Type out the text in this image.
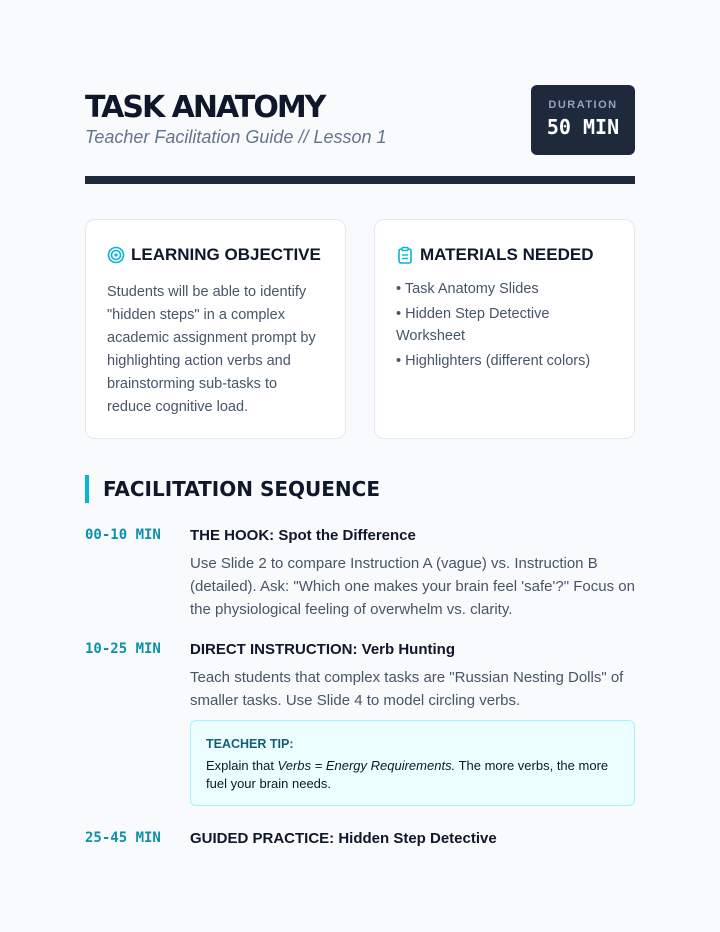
TASK ANATOMY
Teacher Facilitation Guide // Lesson 1
DURATION
50 MIN
LEARNING OBJECTIVE
Students will be able to identify "hidden steps" in a complex academic assignment prompt by highlighting action verbs and brainstorming sub-tasks to reduce cognitive load.
MATERIALS NEEDED
• Task Anatomy Slides
• Hidden Step Detective Worksheet
• Highlighters (different colors)
FACILITATION SEQUENCE
00-10 MIN THE HOOK: Spot the Difference
Use Slide 2 to compare Instruction A (vague) vs. Instruction B (detailed). Ask: "Which one makes your brain feel 'safe'?" Focus on the physiological feeling of overwhelm vs. clarity.
10-25 MIN DIRECT INSTRUCTION: Verb Hunting
Teach students that complex tasks are "Russian Nesting Dolls" of smaller tasks. Use Slide 4 to model circling verbs.
TEACHER TIP:
Explain that Verbs = Energy Requirements. The more verbs, the more fuel your brain needs.
25-45 MIN GUIDED PRACTICE: Hidden Step Detective
